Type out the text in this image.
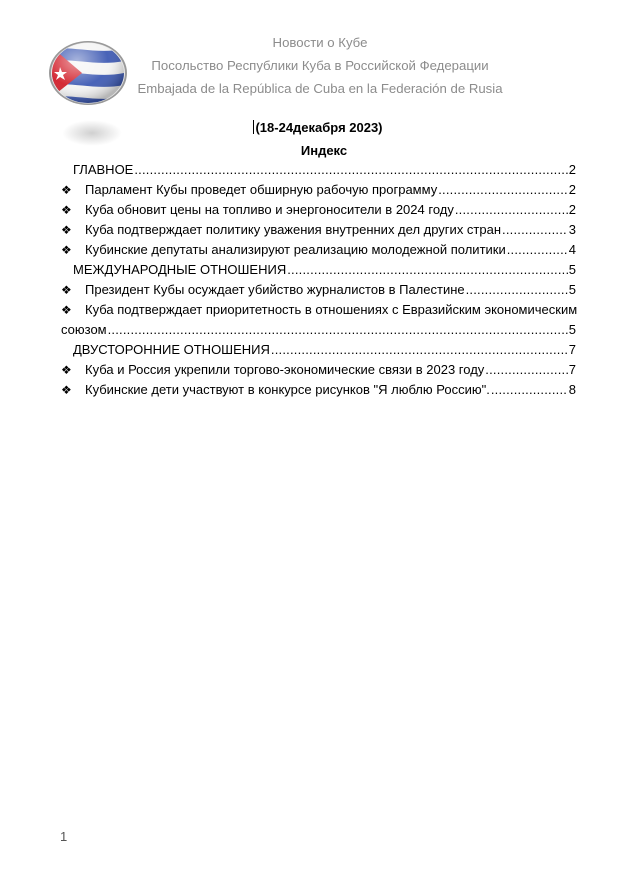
Новости о Кубе
Посольство Республики Куба в Российской Федерации
Embajada de la República de Cuba en la Federación de Rusia
(18-24декабря 2023)
Индекс
ГЛАВНОЕ .....	2
❖	Парламент Кубы проведет обширную рабочую программу .....	2
❖	Куба обновит цены на топливо и энергоносители в 2024 году .....	2
❖	Куба подтверждает политику уважения внутренних дел других стран .....	3
❖	Кубинские депутаты анализируют реализацию молодежной политики .....	4
МЕЖДУНАРОДНЫЕ ОТНОШЕНИЯ .....	5
❖	Президент Кубы осуждает убийство журналистов в Палестине .....	5
❖	Куба подтверждает приоритетность в отношениях с Евразийским экономическим
союзом .....	5
ДВУСТОРОННИЕ ОТНОШЕНИЯ .....	7
❖	Куба и Россия укрепили торгово-экономические связи в 2023 году .....	7
❖	Кубинские дети участвуют в конкурсе рисунков "Я люблю Россию". .....	8
1
